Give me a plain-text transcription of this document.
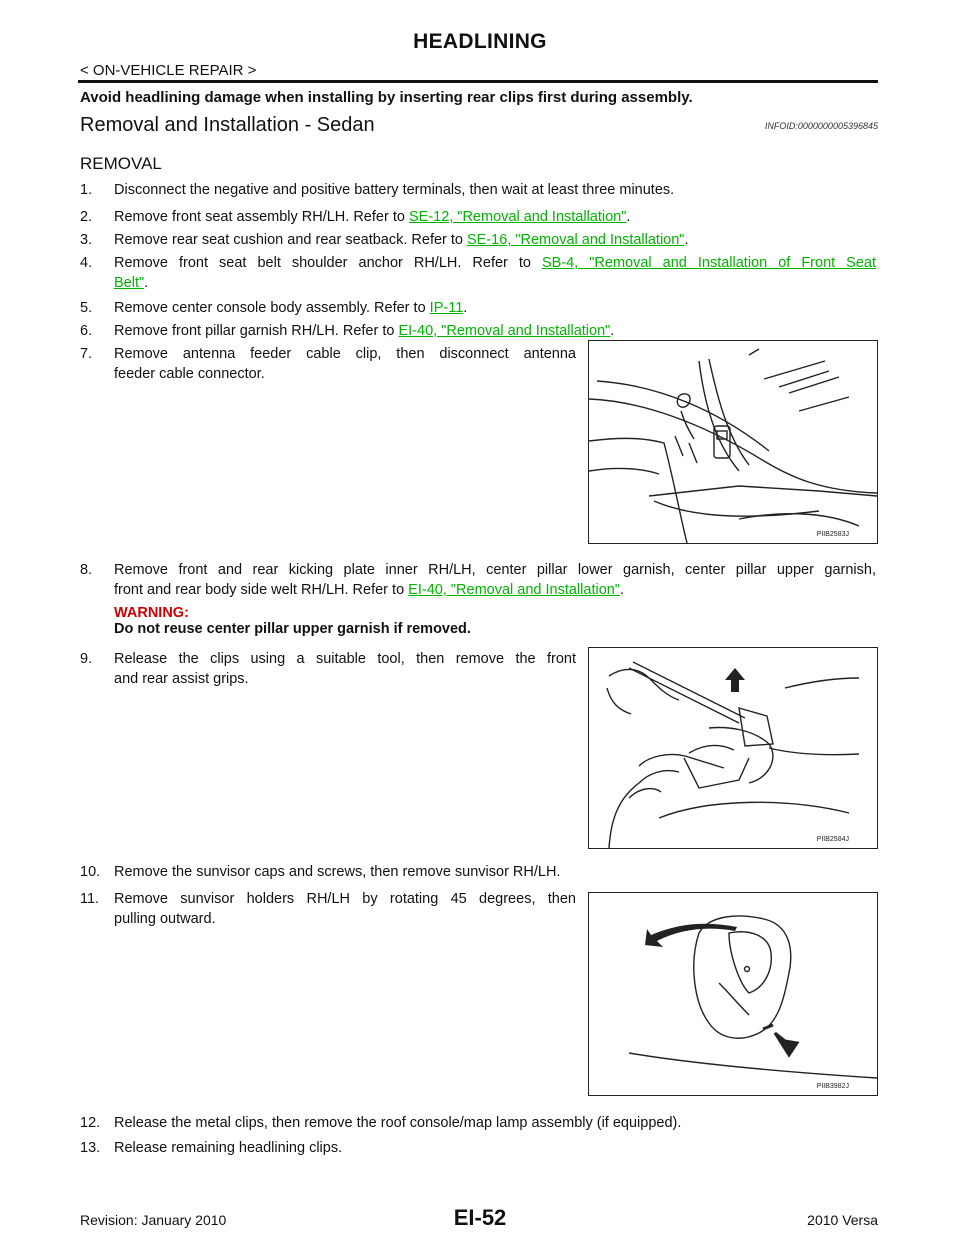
HEADLINING
< ON-VEHICLE REPAIR >
Avoid headlining damage when installing by inserting rear clips first during assembly.
Removal and Installation - Sedan	INFOID:0000000005396845
REMOVAL
1. Disconnect the negative and positive battery terminals, then wait at least three minutes.
2. Remove front seat assembly RH/LH. Refer to SE-12, "Removal and Installation".
3. Remove rear seat cushion and rear seatback. Refer to SE-16, "Removal and Installation".
4. Remove front seat belt shoulder anchor RH/LH. Refer to SB-4, "Removal and Installation of Front Seat
Belt".
5. Remove center console body assembly. Refer to IP-11.
6. Remove front pillar garnish RH/LH. Refer to EI-40, "Removal and Installation".
7. Remove antenna feeder cable clip, then disconnect antenna
feeder cable connector.
PIIB2583J
8. Remove front and rear kicking plate inner RH/LH, center pillar lower garnish, center pillar upper garnish,
front and rear body side welt RH/LH. Refer to EI-40, "Removal and Installation".
WARNING:
Do not reuse center pillar upper garnish if removed.
9. Release the clips using a suitable tool, then remove the front
and rear assist grips.
PIIB2584J
10. Remove the sunvisor caps and screws, then remove sunvisor RH/LH.
11. Remove sunvisor holders RH/LH by rotating 45 degrees, then
pulling outward.
PIIB3982J
12. Release the metal clips, then remove the roof console/map lamp assembly (if equipped).
13. Release remaining headlining clips.
Revision: January 2010	EI-52	2010 Versa
